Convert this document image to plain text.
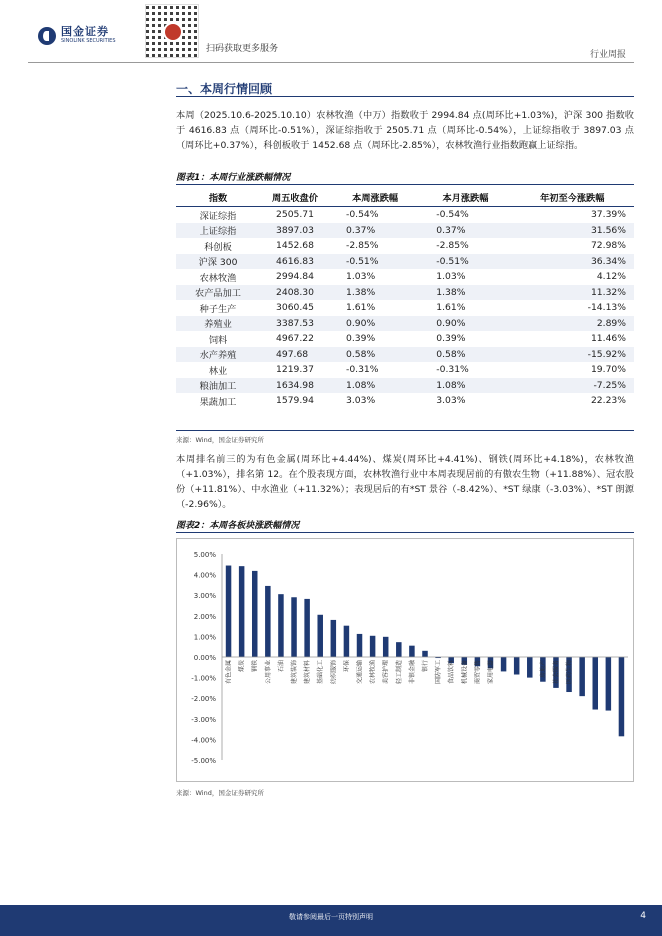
国金证券
SINOLINK SECURITIES
扫码获取更多服务
行业周报
一、本周行情回顾
本周（2025.10.6-2025.10.10）农林牧渔（中万）指数收于 2994.84 点(周环比+1.03%)，沪深 300 指数收于 4616.83 点（周环比-0.51%），深证综指收于 2505.71 点（周环比-0.54%），上证综指收于 3897.03 点（周环比+0.37%），科创板收于 1452.68 点（周环比-2.85%），农林牧渔行业指数跑赢上证综指。
图表1：本周行业涨跌幅情况
指数	周五收盘价	本周涨跌幅	本月涨跌幅	年初至今涨跌幅
深证综指	2505.71	-0.54%	-0.54%	37.39%
上证综指	3897.03	0.37%	0.37%	31.56%
科创板	1452.68	-2.85%	-2.85%	72.98%
沪深 300	4616.83	-0.51%	-0.51%	36.34%
农林牧渔	2994.84	1.03%	1.03%	4.12%
农产品加工	2408.30	1.38%	1.38%	11.32%
种子生产	3060.45	1.61%	1.61%	-14.13%
养殖业	3387.53	0.90%	0.90%	2.89%
饲料	4967.22	0.39%	0.39%	11.46%
水产养殖	497.68	0.58%	0.58%	-15.92%
林业	1219.37	-0.31%	-0.31%	19.70%
粮油加工	1634.98	1.08%	1.08%	-7.25%
果蔬加工	1579.94	3.03%	3.03%	22.23%
来源：Wind，国金证券研究所
本周排名前三的为有色金属(周环比+4.44%)、煤炭(周环比+4.41%)、钢铁(周环比+4.18%)，农林牧渔（+1.03%），排名第 12。在个股表现方面，农林牧渔行业中本周表现居前的有傲农生物（+11.88%）、冠农股份（+11.81%）、中水渔业（+11.32%）；表现居后的有*ST 景谷（-8.42%）、*ST 绿康（-3.03%）、*ST 朗源（-2.96%）。
图表2：本周各板块涨跌幅情况
5.00%
4.00%
3.00%
2.00%
1.00%
0.00%
-1.00%
-2.00%
-3.00%
-4.00%
-5.00%
有色金属 煤炭 钢铁 公用事业 石油 建筑装饰 建筑材料 基础化工 纺织服饰 环保 交通运输 农林牧渔 美容护理 轻工制造 非银金融 银行 国防军工 食品饮料 机械设备 商贸零售 家用电器	房地产 社会服务 医药生物
来源：Wind，国金证券研究所
敬请参阅最后一页特别声明	4
